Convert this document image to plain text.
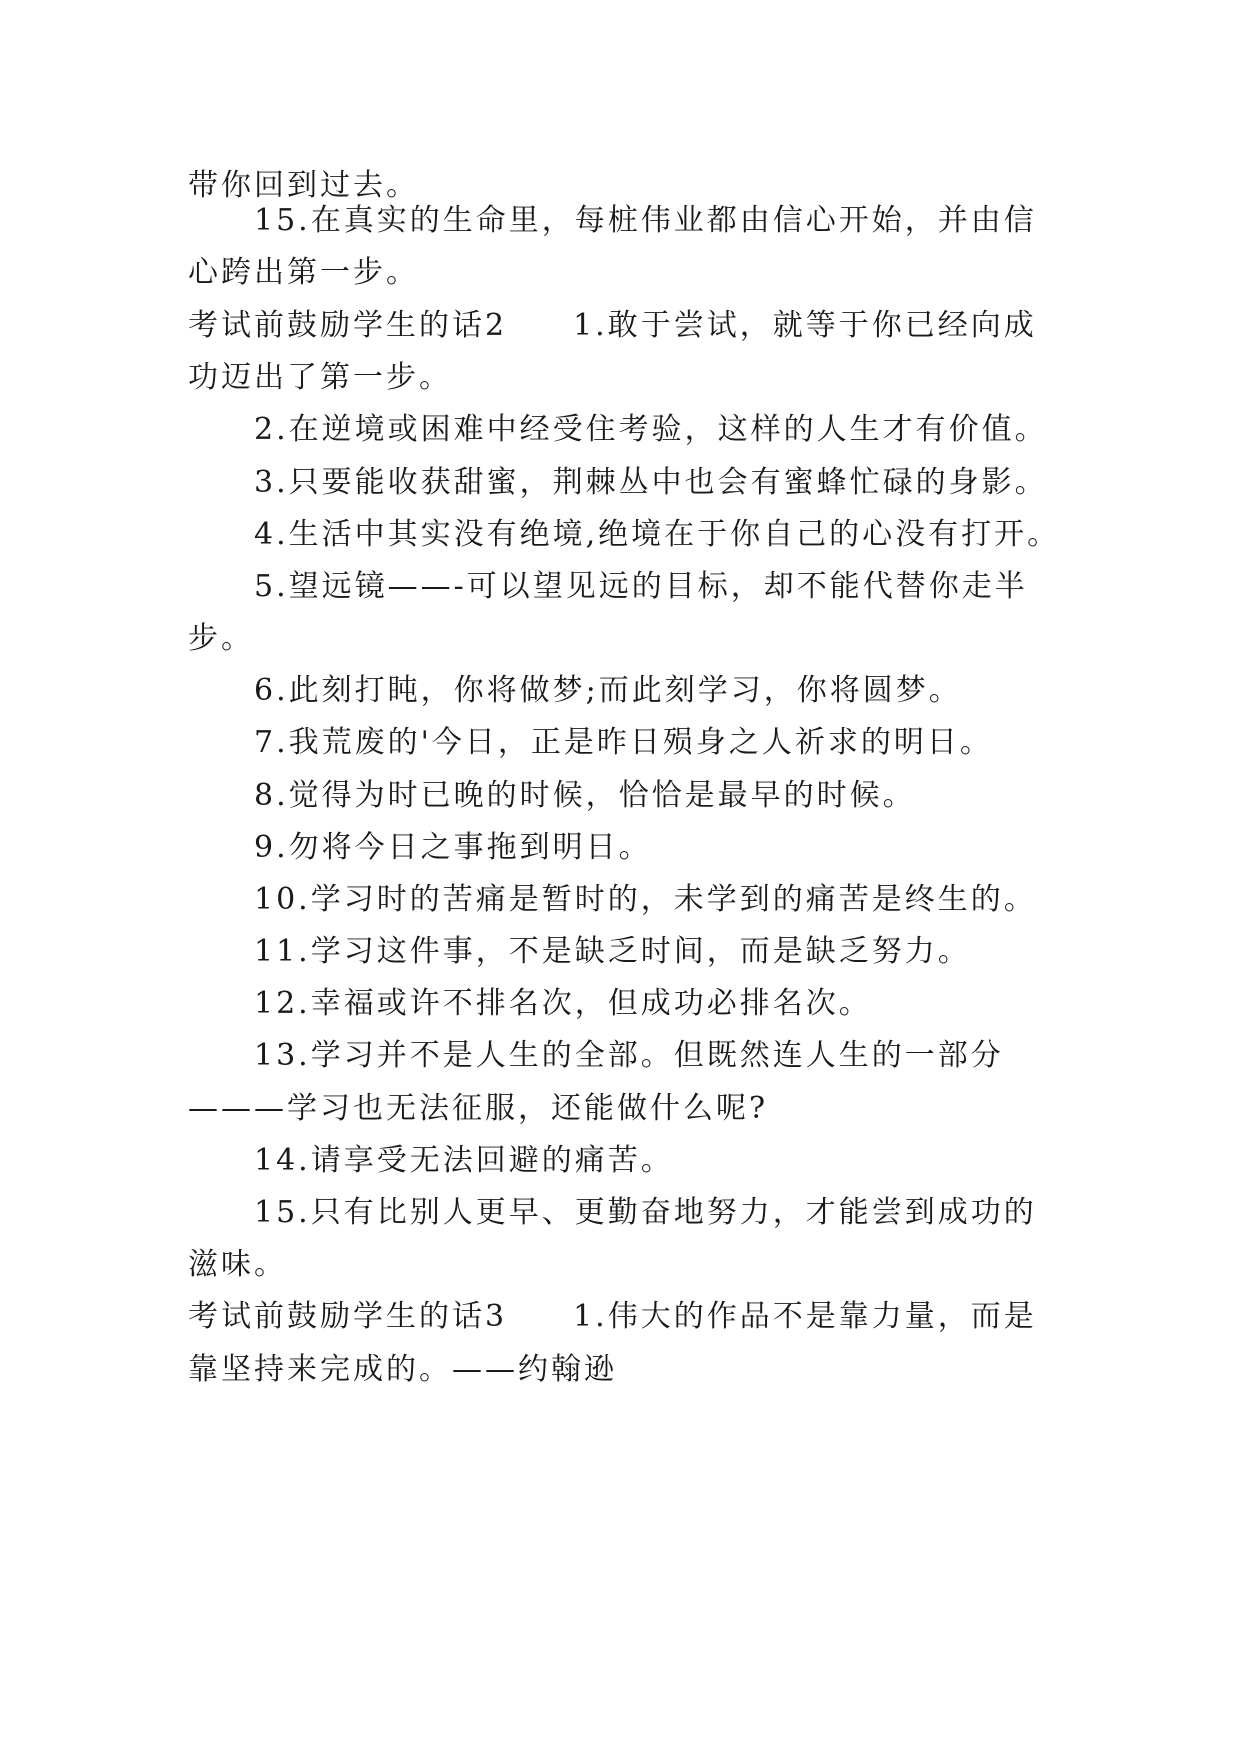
带你回到过去。
15.在真实的生命里，每桩伟业都由信心开始，并由信
心跨出第一步。
考试前鼓励学生的话2　　1.敢于尝试，就等于你已经向成
功迈出了第一步。
2.在逆境或困难中经受住考验，这样的人生才有价值。
3.只要能收获甜蜜，荆棘丛中也会有蜜蜂忙碌的身影。
4.生活中其实没有绝境,绝境在于你自己的心没有打开。
5.望远镜——-可以望见远的目标，却不能代替你走半
步。
6.此刻打盹，你将做梦;而此刻学习，你将圆梦。
7.我荒废的'今日，正是昨日殒身之人祈求的明日。
8.觉得为时已晚的时候，恰恰是最早的时候。
9.勿将今日之事拖到明日。
10.学习时的苦痛是暂时的，未学到的痛苦是终生的。
11.学习这件事，不是缺乏时间，而是缺乏努力。
12.幸福或许不排名次，但成功必排名次。
13.学习并不是人生的全部。但既然连人生的一部分
———学习也无法征服，还能做什么呢?
14.请享受无法回避的痛苦。
15.只有比别人更早、更勤奋地努力，才能尝到成功的
滋味。
考试前鼓励学生的话3　　1.伟大的作品不是靠力量，而是
靠坚持来完成的。——约翰逊
